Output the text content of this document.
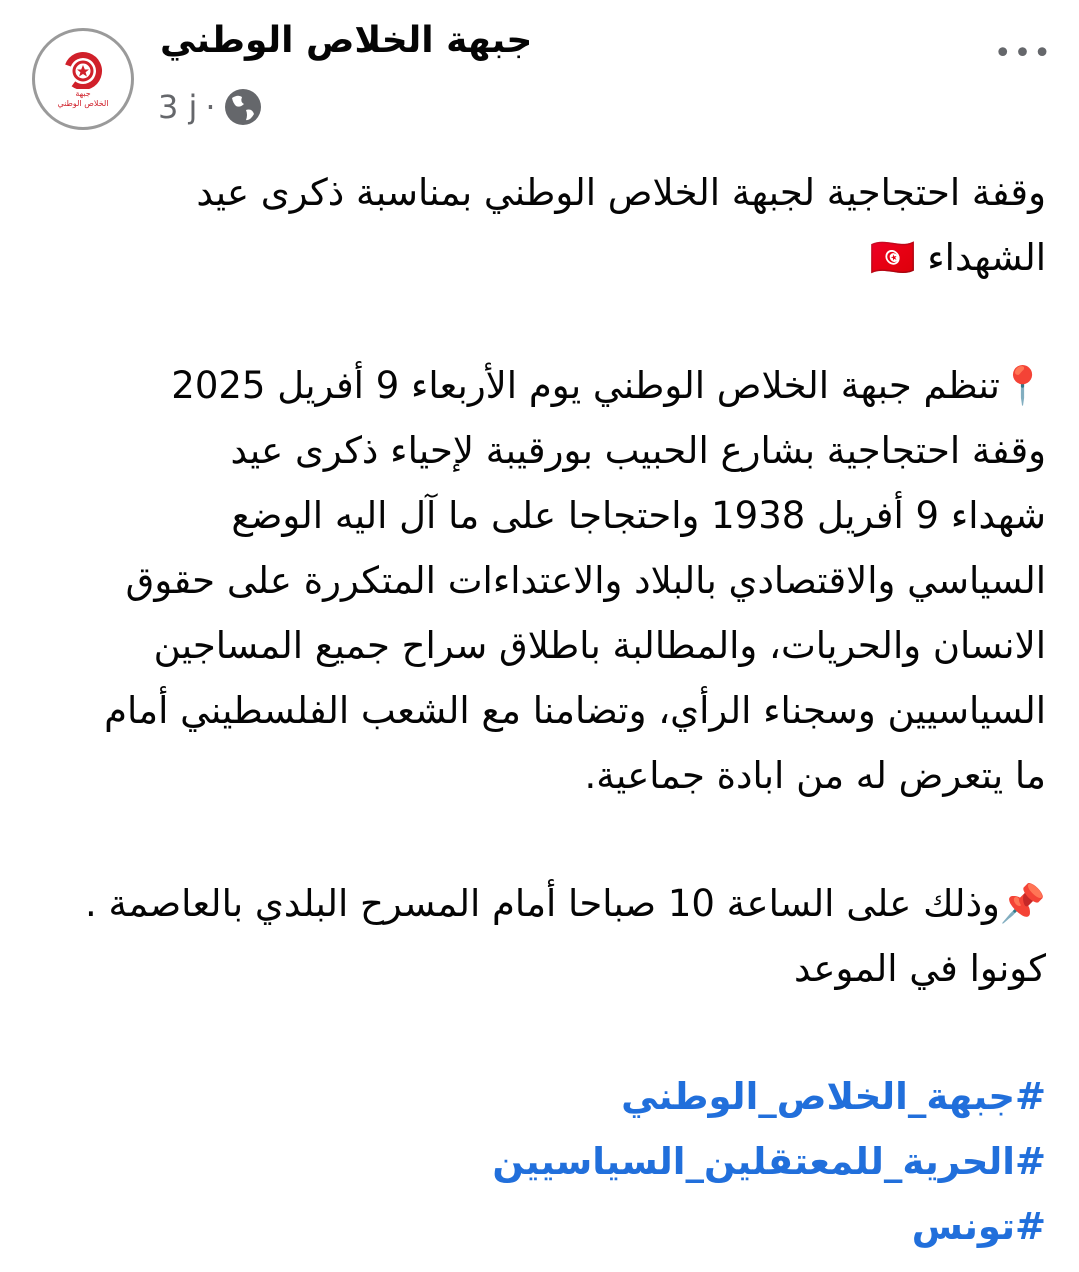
جبهة
الخلاص الوطني
جبهة الخلاص الوطني
3 j ·
•••
وقفة احتجاجية لجبهة الخلاص الوطني بمناسبة ذكرى عيد
الشهداء 🇹🇳
📍تنظم جبهة الخلاص الوطني يوم الأربعاء 9 أفريل 2025
وقفة احتجاجية بشارع الحبيب بورقيبة لإحياء ذكرى عيد
شهداء 9 أفريل 1938 واحتجاجا على ما آل اليه الوضع
السياسي والاقتصادي بالبلاد والاعتداءات المتكررة على حقوق
الانسان والحريات، والمطالبة باطلاق سراح جميع المساجين
السياسيين وسجناء الرأي، وتضامنا مع الشعب الفلسطيني أمام
ما يتعرض له من ابادة جماعية.
📌وذلك على الساعة 10 صباحا أمام المسرح البلدي بالعاصمة .
كونوا في الموعد
#جبهة_الخلاص_الوطني
#الحرية_للمعتقلين_السياسيين
#تونس
